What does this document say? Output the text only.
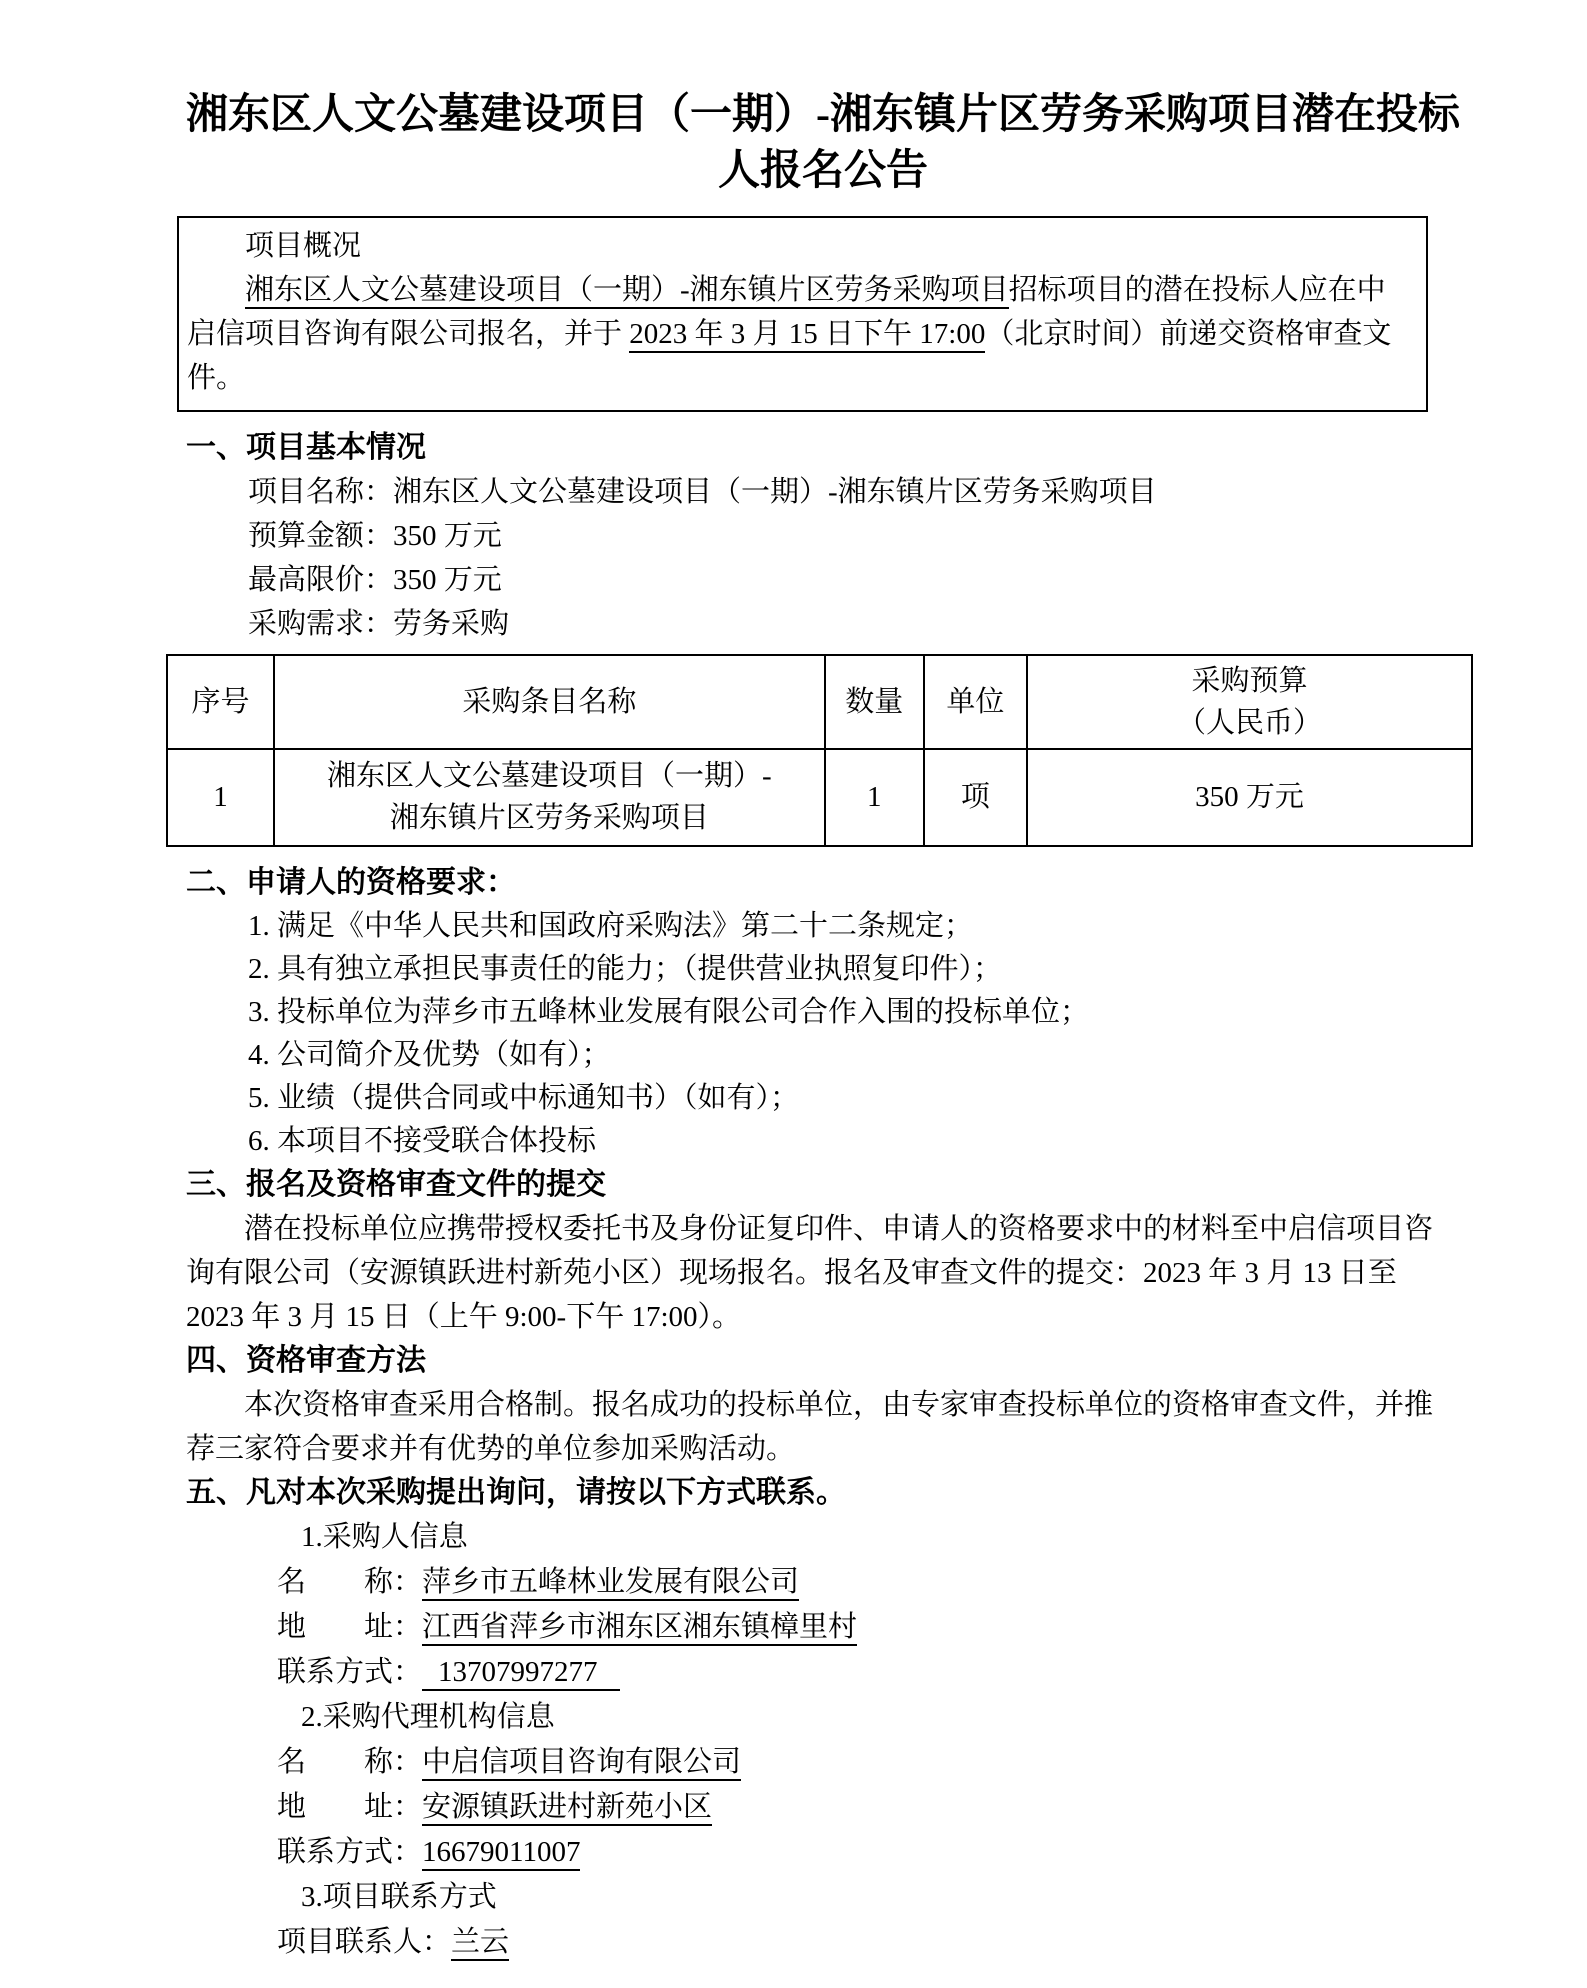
湘东区人文公墓建设项目（一期）-湘东镇片区劳务采购项目潜在投标人报名公告

项目概况

湘东区人文公墓建设项目（一期）-湘东镇片区劳务采购项目招标项目的潜在投标人应在中启信项目咨询有限公司报名，并于 2023 年 3 月 15 日下午 17:00（北京时间）前递交资格审查文件。

一、项目基本情况

项目名称：湘东区人文公墓建设项目（一期）-湘东镇片区劳务采购项目
预算金额：350 万元
最高限价：350 万元
采购需求：劳务采购
序号	采购条目名称	数量	单位	采购预算
（人民币）

1	湘东区人文公墓建设项目（一期）-
湘东镇片区劳务采购项目	1	项	350 万元

二、申请人的资格要求：

1. 满足《中华人民共和国政府采购法》第二十二条规定；
2. 具有独立承担民事责任的能力；（提供营业执照复印件）；
3. 投标单位为萍乡市五峰林业发展有限公司合作入围的投标单位；
4. 公司简介及优势（如有）；
5. 业绩（提供合同或中标通知书）（如有）；
6. 本项目不接受联合体投标

三、报名及资格审查文件的提交

潜在投标单位应携带授权委托书及身份证复印件、申请人的资格要求中的材料至中启信项目咨询有限公司（安源镇跃进村新苑小区）现场报名。报名及审查文件的提交：2023 年 3 月 13 日至 2023 年 3 月 15 日（上午 9:00-下午 17:00）。

四、资格审查方法

本次资格审查采用合格制。报名成功的投标单位，由专家审查投标单位的资格审查文件，并推荐三家符合要求并有优势的单位参加采购活动。

五、凡对本次采购提出询问，请按以下方式联系。

1.采购人信息
名　　称：萍乡市五峰林业发展有限公司
地　　址：江西省萍乡市湘东区湘东镇樟里村
联系方式： 13707997277
2.采购代理机构信息
名　　称：中启信项目咨询有限公司
地　　址：安源镇跃进村新苑小区
联系方式：16679011007
3.项目联系方式
项目联系人：兰云
